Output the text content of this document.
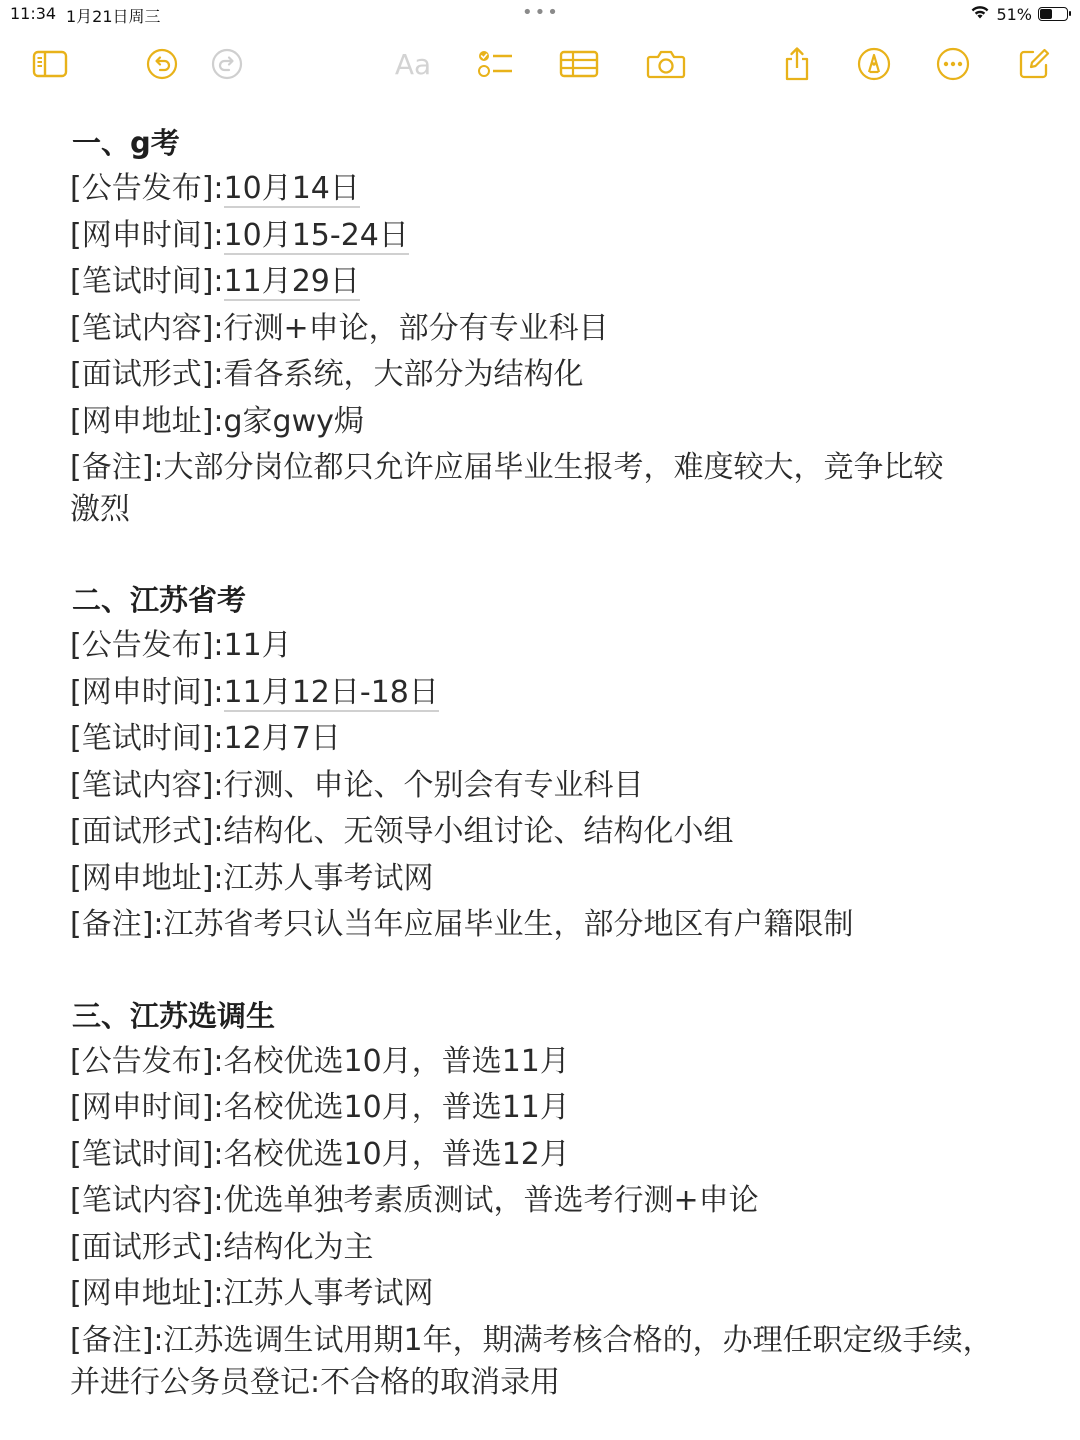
11:34 1月21日周三	•••	51%
Aa
一、g考
[公告发布]:10月14日
[网申时间]:10月15-24日
[笔试时间]:11月29日
[笔试内容]:行测+申论，部分有专业科目
[面试形式]:看各系统，大部分为结构化
[网申地址]:g家gwy焗
[备注]:大部分岗位都只允许应届毕业生报考，难度较大，竞争比较激烈
二、江苏省考
[公告发布]:11月
[网申时间]:11月12日-18日
[笔试时间]:12月7日
[笔试内容]:行测、申论、个别会有专业科目
[面试形式]:结构化、无领导小组讨论、结构化小组
[网申地址]:江苏人事考试网
[备注]:江苏省考只认当年应届毕业生，部分地区有户籍限制
三、江苏选调生
[公告发布]:名校优选10月，普选11月
[网申时间]:名校优选10月，普选11月
[笔试时间]:名校优选10月，普选12月
[笔试内容]:优选单独考素质测试，普选考行测+申论
[面试形式]:结构化为主
[网申地址]:江苏人事考试网
[备注]:江苏选调生试用期1年，期满考核合格的，办理任职定级手续，并进行公务员登记:不合格的取消录用
